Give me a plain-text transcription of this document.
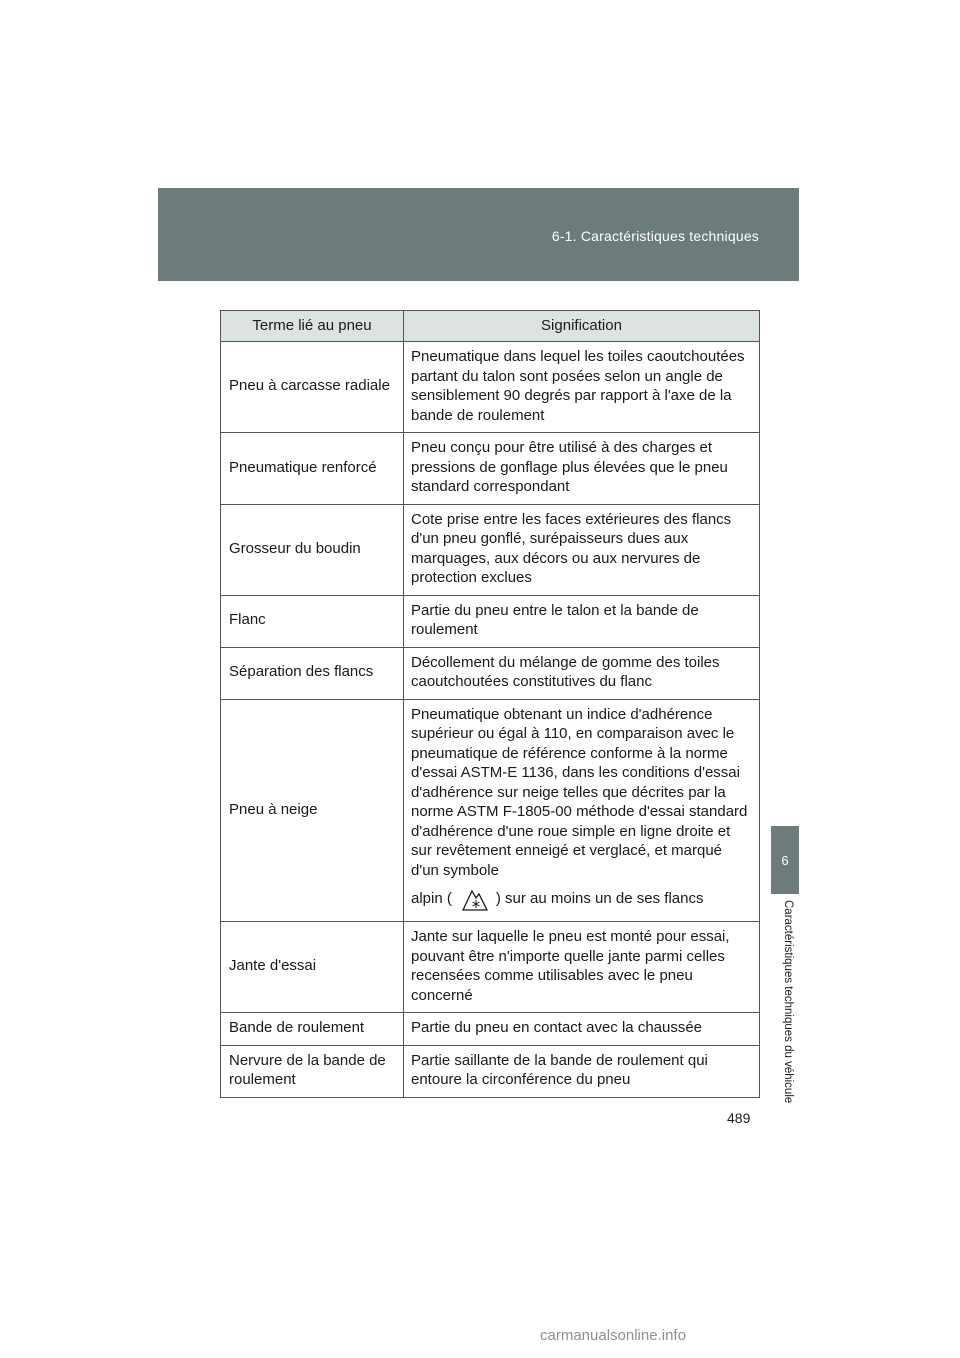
6-1. Caractéristiques techniques
6
Caractéristiques techniques du véhicule
Terme lié au pneu	Signification
Pneu à carcasse radiale	Pneumatique dans lequel les toiles caoutchoutées partant du talon sont posées selon un angle de sensiblement 90 degrés par rapport à l'axe de la bande de roulement
Pneumatique renforcé	Pneu conçu pour être utilisé à des charges et pressions de gonflage plus élevées que le pneu standard correspondant
Grosseur du boudin	Cote prise entre les faces extérieures des flancs d'un pneu gonflé, surépaisseurs dues aux marquages, aux décors ou aux nervures de protection exclues
Flanc	Partie du pneu entre le talon et la bande de roulement
Séparation des flancs	Décollement du mélange de gomme des toiles caoutchoutées constitutives du flanc
Pneu à neige	Pneumatique obtenant un indice d'adhérence supérieur ou égal à 110, en comparaison avec le pneumatique de référence conforme à la norme d'essai ASTM-E 1136, dans les conditions d'essai d'adhérence sur neige telles que décrites par la norme ASTM F-1805-00 méthode d'essai standard d'adhérence d'une roue simple en ligne droite et sur revêtement enneigé et verglacé, et marqué d'un symbole
alpin ( ) sur au moins un de ses flancs

Jante d'essai	Jante sur laquelle le pneu est monté pour essai, pouvant être n'importe quelle jante parmi celles recensées comme utilisables avec le pneu concerné
Bande de roulement	Partie du pneu en contact avec la chaussée
Nervure de la bande de roulement	Partie saillante de la bande de roulement qui entoure la circonférence du pneu
489
carmanualsonline.info
